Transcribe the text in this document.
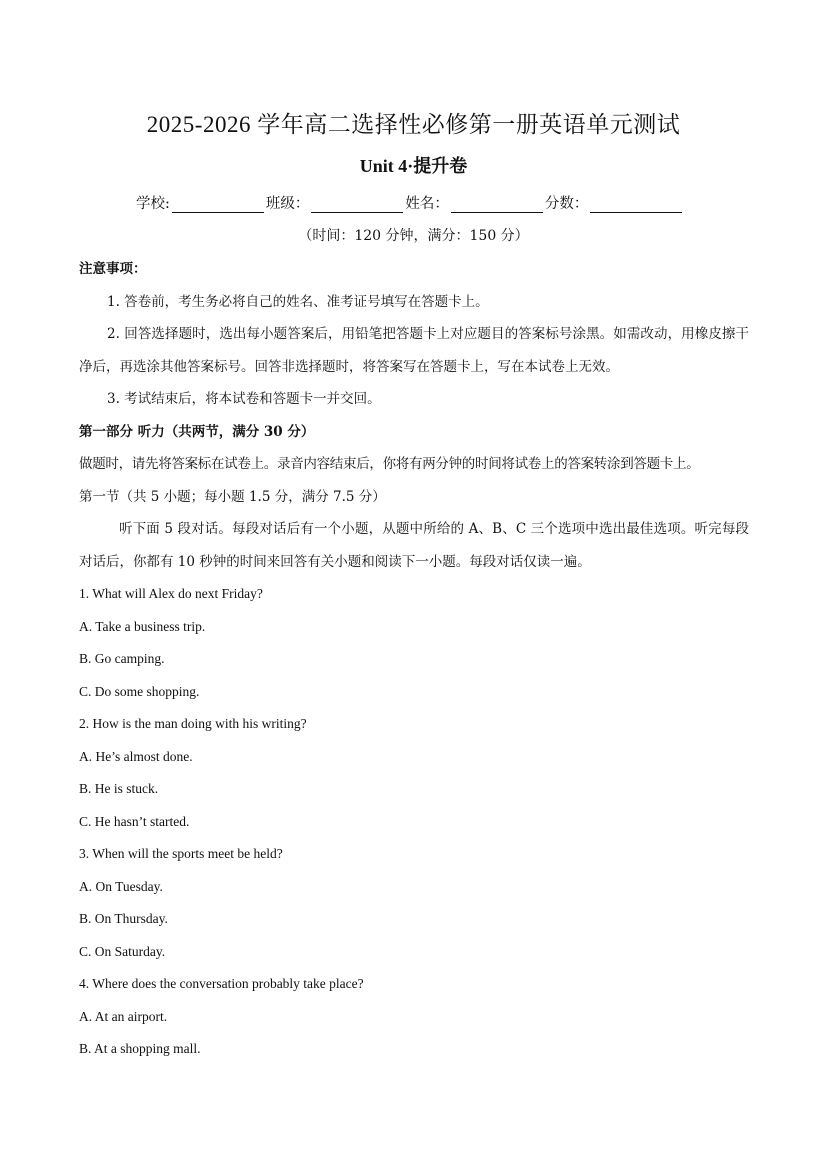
2025-2026 学年高二选择性必修第一册英语单元测试
Unit 4·提升卷
学校:	班级：	姓名：	分数：
（时间：120 分钟，满分：150 分）

注意事项：

1. 答卷前，考生务必将自己的姓名、准考证号填写在答题卡上。

2. 回答选择题时，选出每小题答案后，用铅笔把答题卡上对应题目的答案标号涂黑。如需改动，用橡皮擦干净后，再选涂其他答案标号。回答非选择题时，将答案写在答题卡上，写在本试卷上无效。

3. 考试结束后，将本试卷和答题卡一并交回。

第一部分 听力（共两节，满分 30 分）

做题时，请先将答案标在试卷上。录音内容结束后，你将有两分钟的时间将试卷上的答案转涂到答题卡上。

第一节（共 5 小题；每小题 1.5 分，满分 7.5 分）

听下面 5 段对话。每段对话后有一个小题，从题中所给的 A、B、C 三个选项中选出最佳选项。听完每段对话后，你都有 10 秒钟的时间来回答有关小题和阅读下一小题。每段对话仅读一遍。

1. What will Alex do next Friday?

A. Take a business trip.

B. Go camping.

C. Do some shopping.

2. How is the man doing with his writing?

A. He’s almost done.

B. He is stuck.

C. He hasn’t started.

3. When will the sports meet be held?

A. On Tuesday.

B. On Thursday.

C. On Saturday.

4. Where does the conversation probably take place?

A. At an airport.

B. At a shopping mall.
